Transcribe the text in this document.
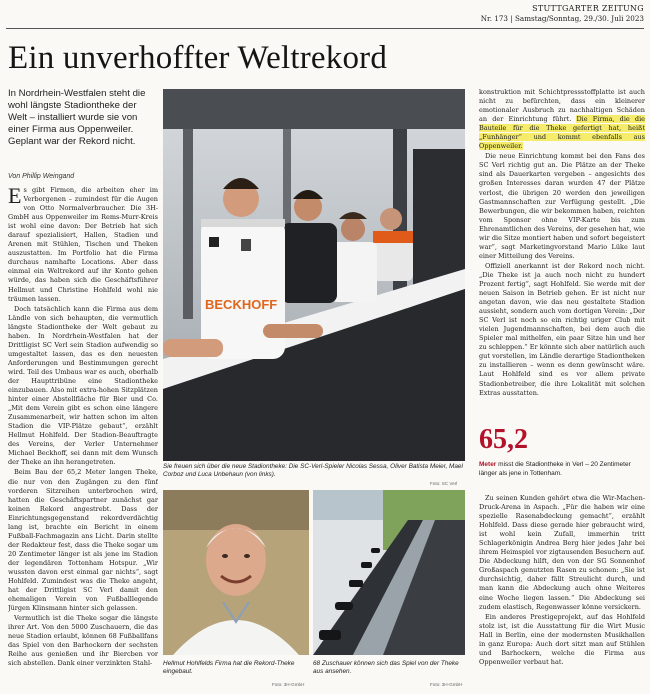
STUTTGARTER ZEITUNG
Nr. 173 | Samstag/Sonntag, 29./30. Juli 2023
Ein unverhoffter Weltrekord
In Nordrhein-Westfalen steht die wohl längste Stadiontheke der Welt – installiert wurde sie von einer Firma aus Oppenweiler. Geplant war der Rekord nicht.
Von Phillip Weingand

Es gibt Firmen, die arbeiten eher im Verborgenen – zumindest für die Augen von Otto Normalverbraucher. Die 3H-GmbH aus Oppenweiler im Rems-Murr-Kreis ist wohl eine davon: Der Betrieb hat sich darauf spezialisiert, Hallen, Stadien und Arenen mit Stühlen, Tischen und Theken auszustatten. Im Portfolio hat die Firma durchaus namhafte Locations. Aber dass einmal ein Weltrekord auf ihr Konto gehen würde, das haben sich die Geschäftsführer Hellmut und Christine Hohlfeld wohl nie träumen lassen.

Doch tatsächlich kann die Firma aus dem Ländle von sich behaupten, die vermutlich längste Stadiontheke der Welt gebaut zu haben. In Nordrhein-Westfalen hat der Drittligist SC Verl sein Stadion aufwendig so umgestaltet lassen, das es den neuesten Anforderungen und Bestimmungen gerecht wird. Teil des Umbaus war es auch, oberhalb der Haupttribüne eine Stadiontheke einzubauen. Also mit extra-hohen Sitzplätzen hinter einer Abstellfläche für Bier und Co. „Mit dem Verein gibt es schon eine längere Zusammenarbeit, wir hatten schon im alten Stadion die VIP-Plätze gebaut“, erzählt Hellmut Hohlfeld. Der Stadion-Beauftragte des Vereins, der Verler Unternehmer Michael Beckhoff, sei dann mit dem Wunsch der Theke an ihn herangetreten.

Beim Bau der 65,2 Meter langen Theke, die nur von den Zugängen zu den fünf vorderen Sitzreihen unterbrochen wird, hatten die Geschäftspartner zunächst gar keinen Rekord angestrebt. Dass der Einrichtungsgegenstand rekordverdächtig lang ist, brachte ein Bericht in einem Fußball-Fachmagazin ans Licht. Darin stellte der Redakteur fest, dass die Theke sogar um 20 Zentimeter länger ist als jene im Stadion der legendären Tottenham Hotspur. „Wir wussten davon erst einmal gar nichts“, sagt Hohlfeld. Zumindest was die Theke angeht, hat der Drittligist SC Verl damit den ehemaligen Verein von Fußballlegende Jürgen Klinsmann hinter sich gelassen.

Vermutlich ist die Theke sogar die längste ihrer Art. Von den 5000 Zuschauern, die das neue Stadion erlaubt, können 68 Fußballfans das Spiel von den Barhockern der sechsten Reihe aus genießen und ihr Biercben vor sich abstellen. Dank einer verzinkten Stahl-

BECKHOFF
Sie freuen sich über die neue Stadiontheke: Die SC-Verl-Spieler Nicolas Sessa, Oliver Batista Meier, Mael Corboz und Luca Unbehaun (von links).
Foto: SC Verl
Hellmut Hohlfelds Firma hat die Rekord-Theke eingebaut.
Foto: 3H-GmbH
68 Zuschauer können sich das Spiel von der Theke aus ansehen.
Foto: 3H-GmbH

konstruktion mit Schichtpressstoffplatte ist auch nicht zu befürchten, dass ein kleinerer emotionaler Ausbruch zu nachhaltigen Schäden an der Einrichtung führt. Die Firma, die die Bauteile für die Theke gefertigt hat, heißt „Funhänger“ und kommt ebenfalls aus Oppenweiler.

Die neue Einrichtung kommt bei den Fans des SC Verl richtig gut an. Die Plätze an der Theke sind als Dauerkarten vergeben – angesichts des großen Interesses daran wurden 47 der Plätze verlost, die übrigen 20 werden den jeweiligen Gastmannschaften zur Verfügung gestellt. „Die Bewerbungen, die wir bekommen haben, reichten vom Sponsor ohne VIP-Karte bis zum Ehrenamtlichen des Vereins, der gesehen hat, wie wir die Sitze montiert haben und sofort begeistert war“, sagt Marketingvorstand Mario Lüke laut einer Mitteilung des Vereins.

Offiziell anerkannt ist der Rekord noch nicht. „Die Theke ist ja auch noch nicht zu hundert Prozent fertig“, sagt Hohlfeld. Sie werde mit der neuen Saison in Betrieb gehen. Er ist nicht nur angetan davon, wie das neu gestaltete Stadion aussieht, sondern auch vom dortigen Verein: „Der SC Verl ist noch so ein richtig uriger Club mit vielen Jugendmannschaften, bei dem auch die Spieler mal mithelfen, ein paar Sitze hin und her zu schleppen.“ Er könnte sich aber natürlich auch gut vorstellen, im Ländle derartige Stadiontheken zu installieren – wenn es denn gewünscht wäre. Laut Hohlfeld sind es vor allem private Stadionbetreiber, die ihre Lokalität mit solchen Extras ausstatten.

65,2
Meter misst die Stadiontheke in Verl – 20 Zentimeter länger als jene in Tottenham.

Zu seinen Kunden gehört etwa die Wir-Machen-Druck-Arena in Aspach. „Für die haben wir eine spezielle Rasenabdeckung gemacht“, erzählt Hohlfeld. Dass diese gerade hier gebraucht wird, ist wohl kein Zufall, immerhin tritt Schlagerkönigin Andrea Berg hier jedes Jahr bei ihrem Heimspiel vor zigtausenden Besuchern auf. Die Abdeckung hilft, den von der SG Sonnenhof Großaspach genutzten Rasen zu schonen: „Sie ist durchsichtig, daher fällt Streulicht durch, und man kann die Abdeckung auch ohne Weiteres eine Woche liegen lassen.“ Die Abdeckung sei zudem elastisch, Regenwasser könne versickern.

Ein anderes Prestigeprojekt, auf das Hohlfeld stolz ist, ist die Ausstattung für die Wirt Music Hall in Berlin, eine der modernsten Musikhallen in ganz Europa: Auch dort sitzt man auf Stühlen und Barhockern, welche die Firma aus Oppenweiler verbaut hat.
